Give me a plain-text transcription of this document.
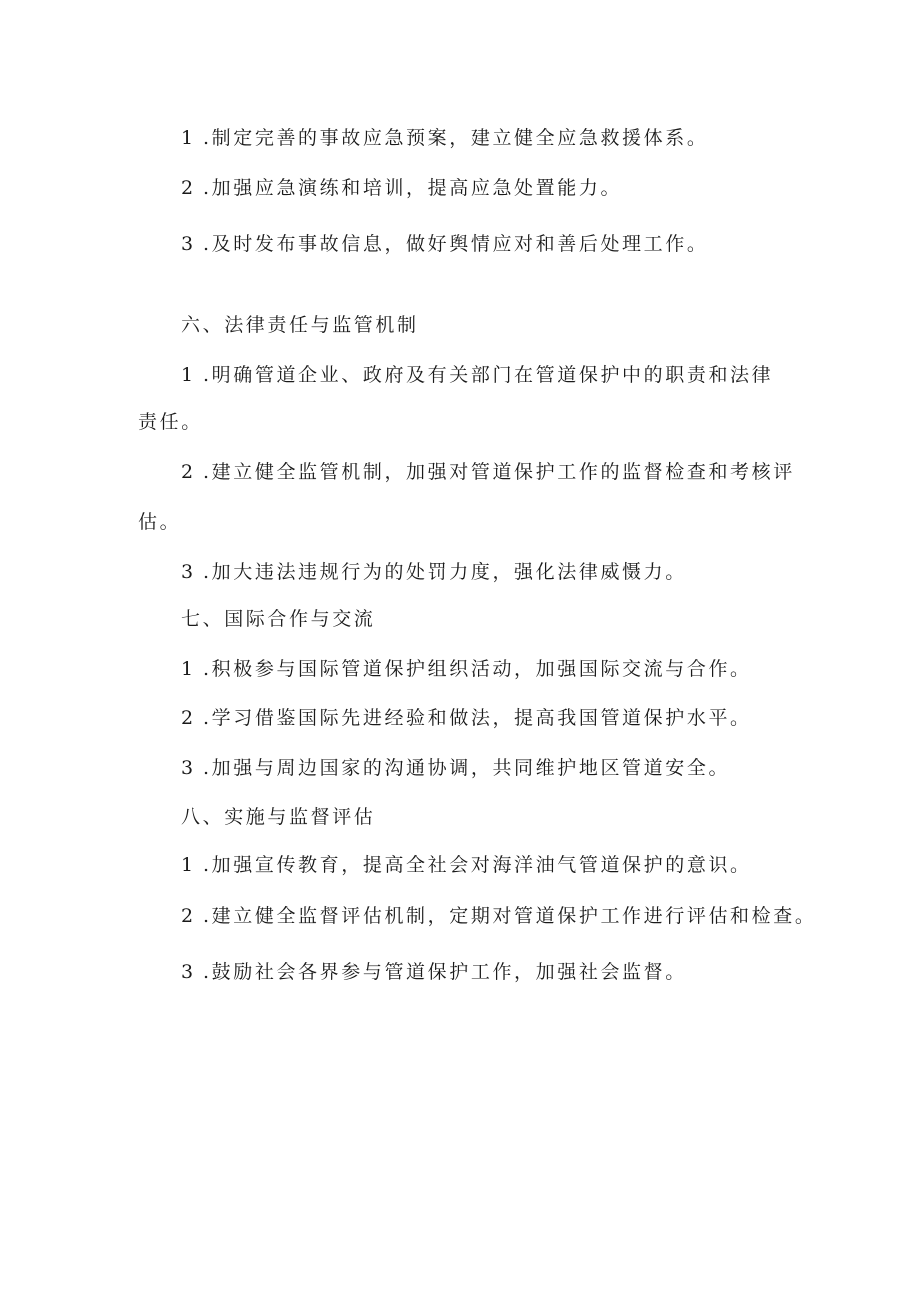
1 .制定完善的事故应急预案，建立健全应急救援体系。

2 .加强应急演练和培训，提高应急处置能力。

3 .及时发布事故信息，做好舆情应对和善后处理工作。

六、法律责任与监管机制

1 .明确管道企业、政府及有关部门在管道保护中的职责和法律

责任。

2 .建立健全监管机制，加强对管道保护工作的监督检查和考核评

估。

3 .加大违法违规行为的处罚力度，强化法律威慑力。

七、国际合作与交流

1 .积极参与国际管道保护组织活动，加强国际交流与合作。

2 .学习借鉴国际先进经验和做法，提高我国管道保护水平。

3 .加强与周边国家的沟通协调，共同维护地区管道安全。

八、实施与监督评估

1 .加强宣传教育，提高全社会对海洋油气管道保护的意识。

2 .建立健全监督评估机制，定期对管道保护工作进行评估和检查。

3 .鼓励社会各界参与管道保护工作，加强社会监督。
